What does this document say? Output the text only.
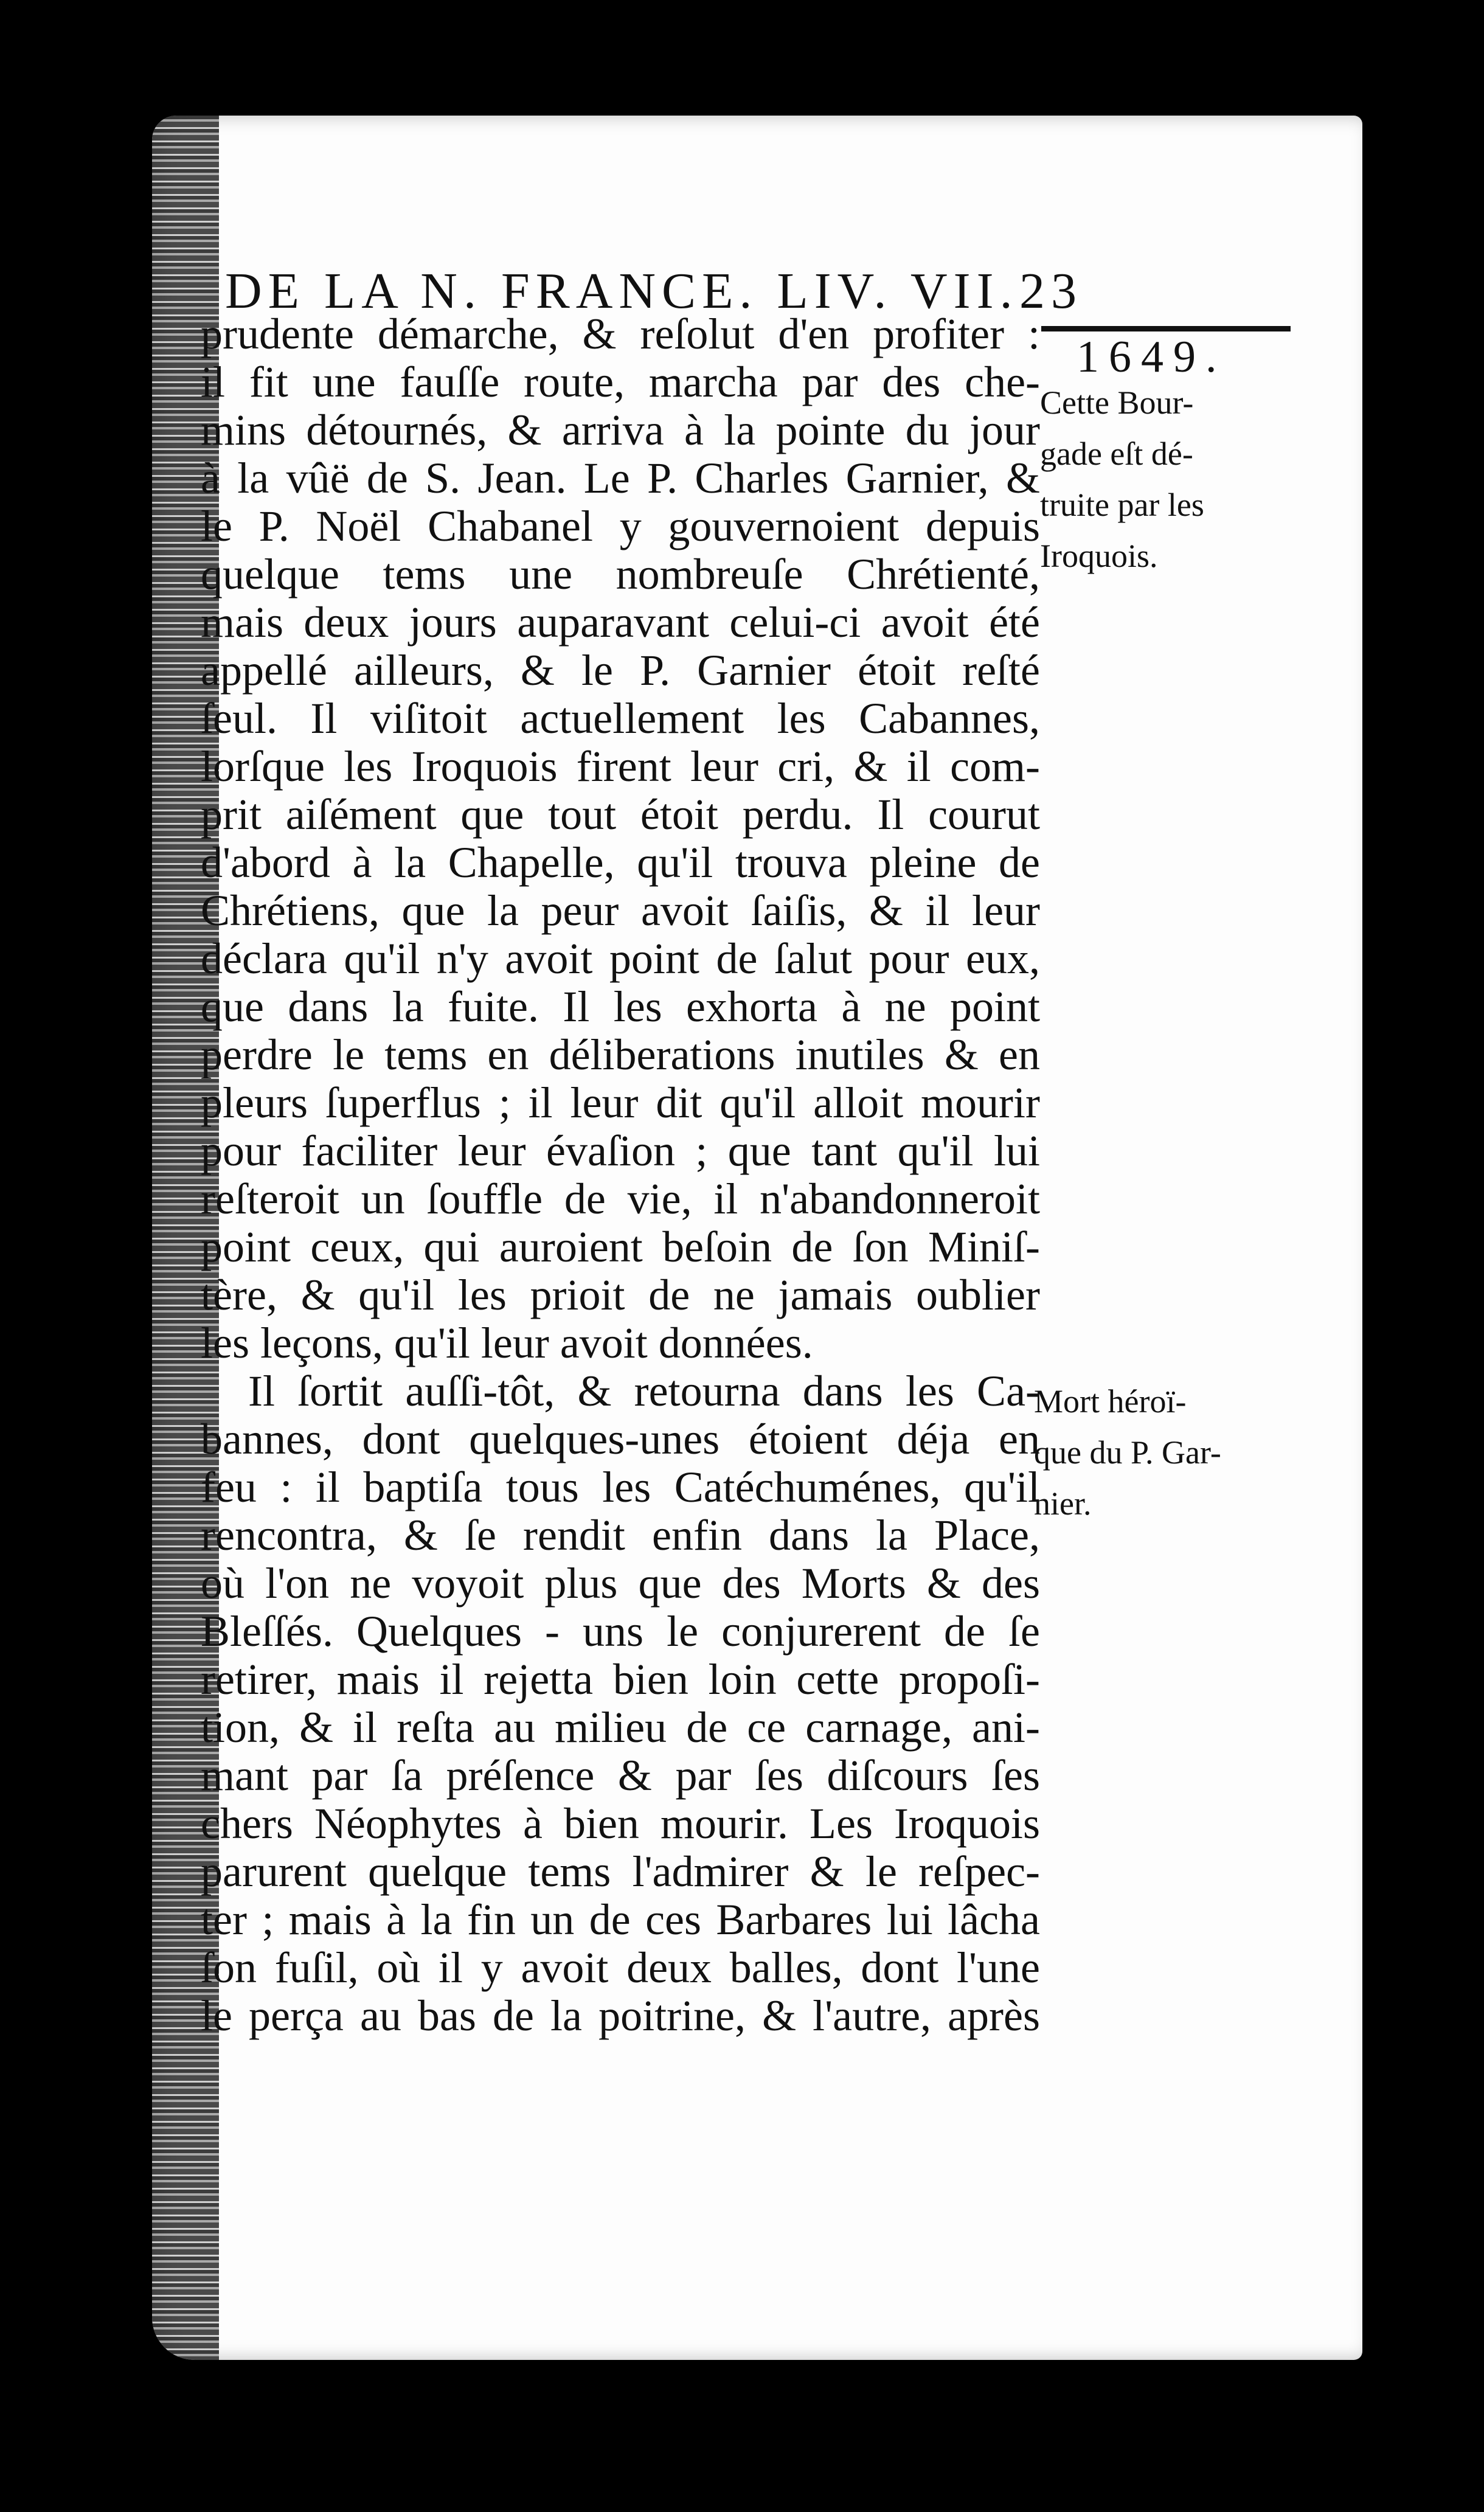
DE LA N. FRANCE. LIV. VII. 23
1649.
Cette Bour-
gade eſt dé-
truite par les
Iroquois.
Mort héroï-
que du P. Gar-
nier.
prudente démarche, & reſolut d'en profiter :
il fit une fauſſe route, marcha par des che-
mins détournés, & arriva à la pointe du jour
à la vûë de S. Jean. Le P. Charles Garnier, &
le P. Noël Chabanel y gouvernoient depuis
quelque tems une nombreuſe Chrétienté,
mais deux jours auparavant celui-ci avoit été
appellé ailleurs, & le P. Garnier étoit reſté
ſeul. Il viſitoit actuellement les Cabannes,
lorſque les Iroquois firent leur cri, & il com-
prit aiſément que tout étoit perdu. Il courut
d'abord à la Chapelle, qu'il trouva pleine de
Chrétiens, que la peur avoit ſaiſis, & il leur
déclara qu'il n'y avoit point de ſalut pour eux,
que dans la fuite. Il les exhorta à ne point
perdre le tems en déliberations inutiles & en
pleurs ſuperflus ; il leur dit qu'il alloit mourir
pour faciliter leur évaſion ; que tant qu'il lui
reſteroit un ſouffle de vie, il n'abandonneroit
point ceux, qui auroient beſoin de ſon Miniſ-
tère, & qu'il les prioit de ne jamais oublier
les leçons, qu'il leur avoit données.
Il ſortit auſſi-tôt, & retourna dans les Ca-
bannes, dont quelques-unes étoient déja en
feu : il baptiſa tous les Catéchuménes, qu'il
rencontra, & ſe rendit enfin dans la Place,
où l'on ne voyoit plus que des Morts & des
Bleſſés. Quelques - uns le conjurerent de ſe
retirer, mais il rejetta bien loin cette propoſi-
tion, & il reſta au milieu de ce carnage, ani-
mant par ſa préſence & par ſes diſcours ſes
chers Néophytes à bien mourir. Les Iroquois
parurent quelque tems l'admirer & le reſpec-
ter ; mais à la fin un de ces Barbares lui lâcha
ſon fuſil, où il y avoit deux balles, dont l'une
le perça au bas de la poitrine, & l'autre, après
